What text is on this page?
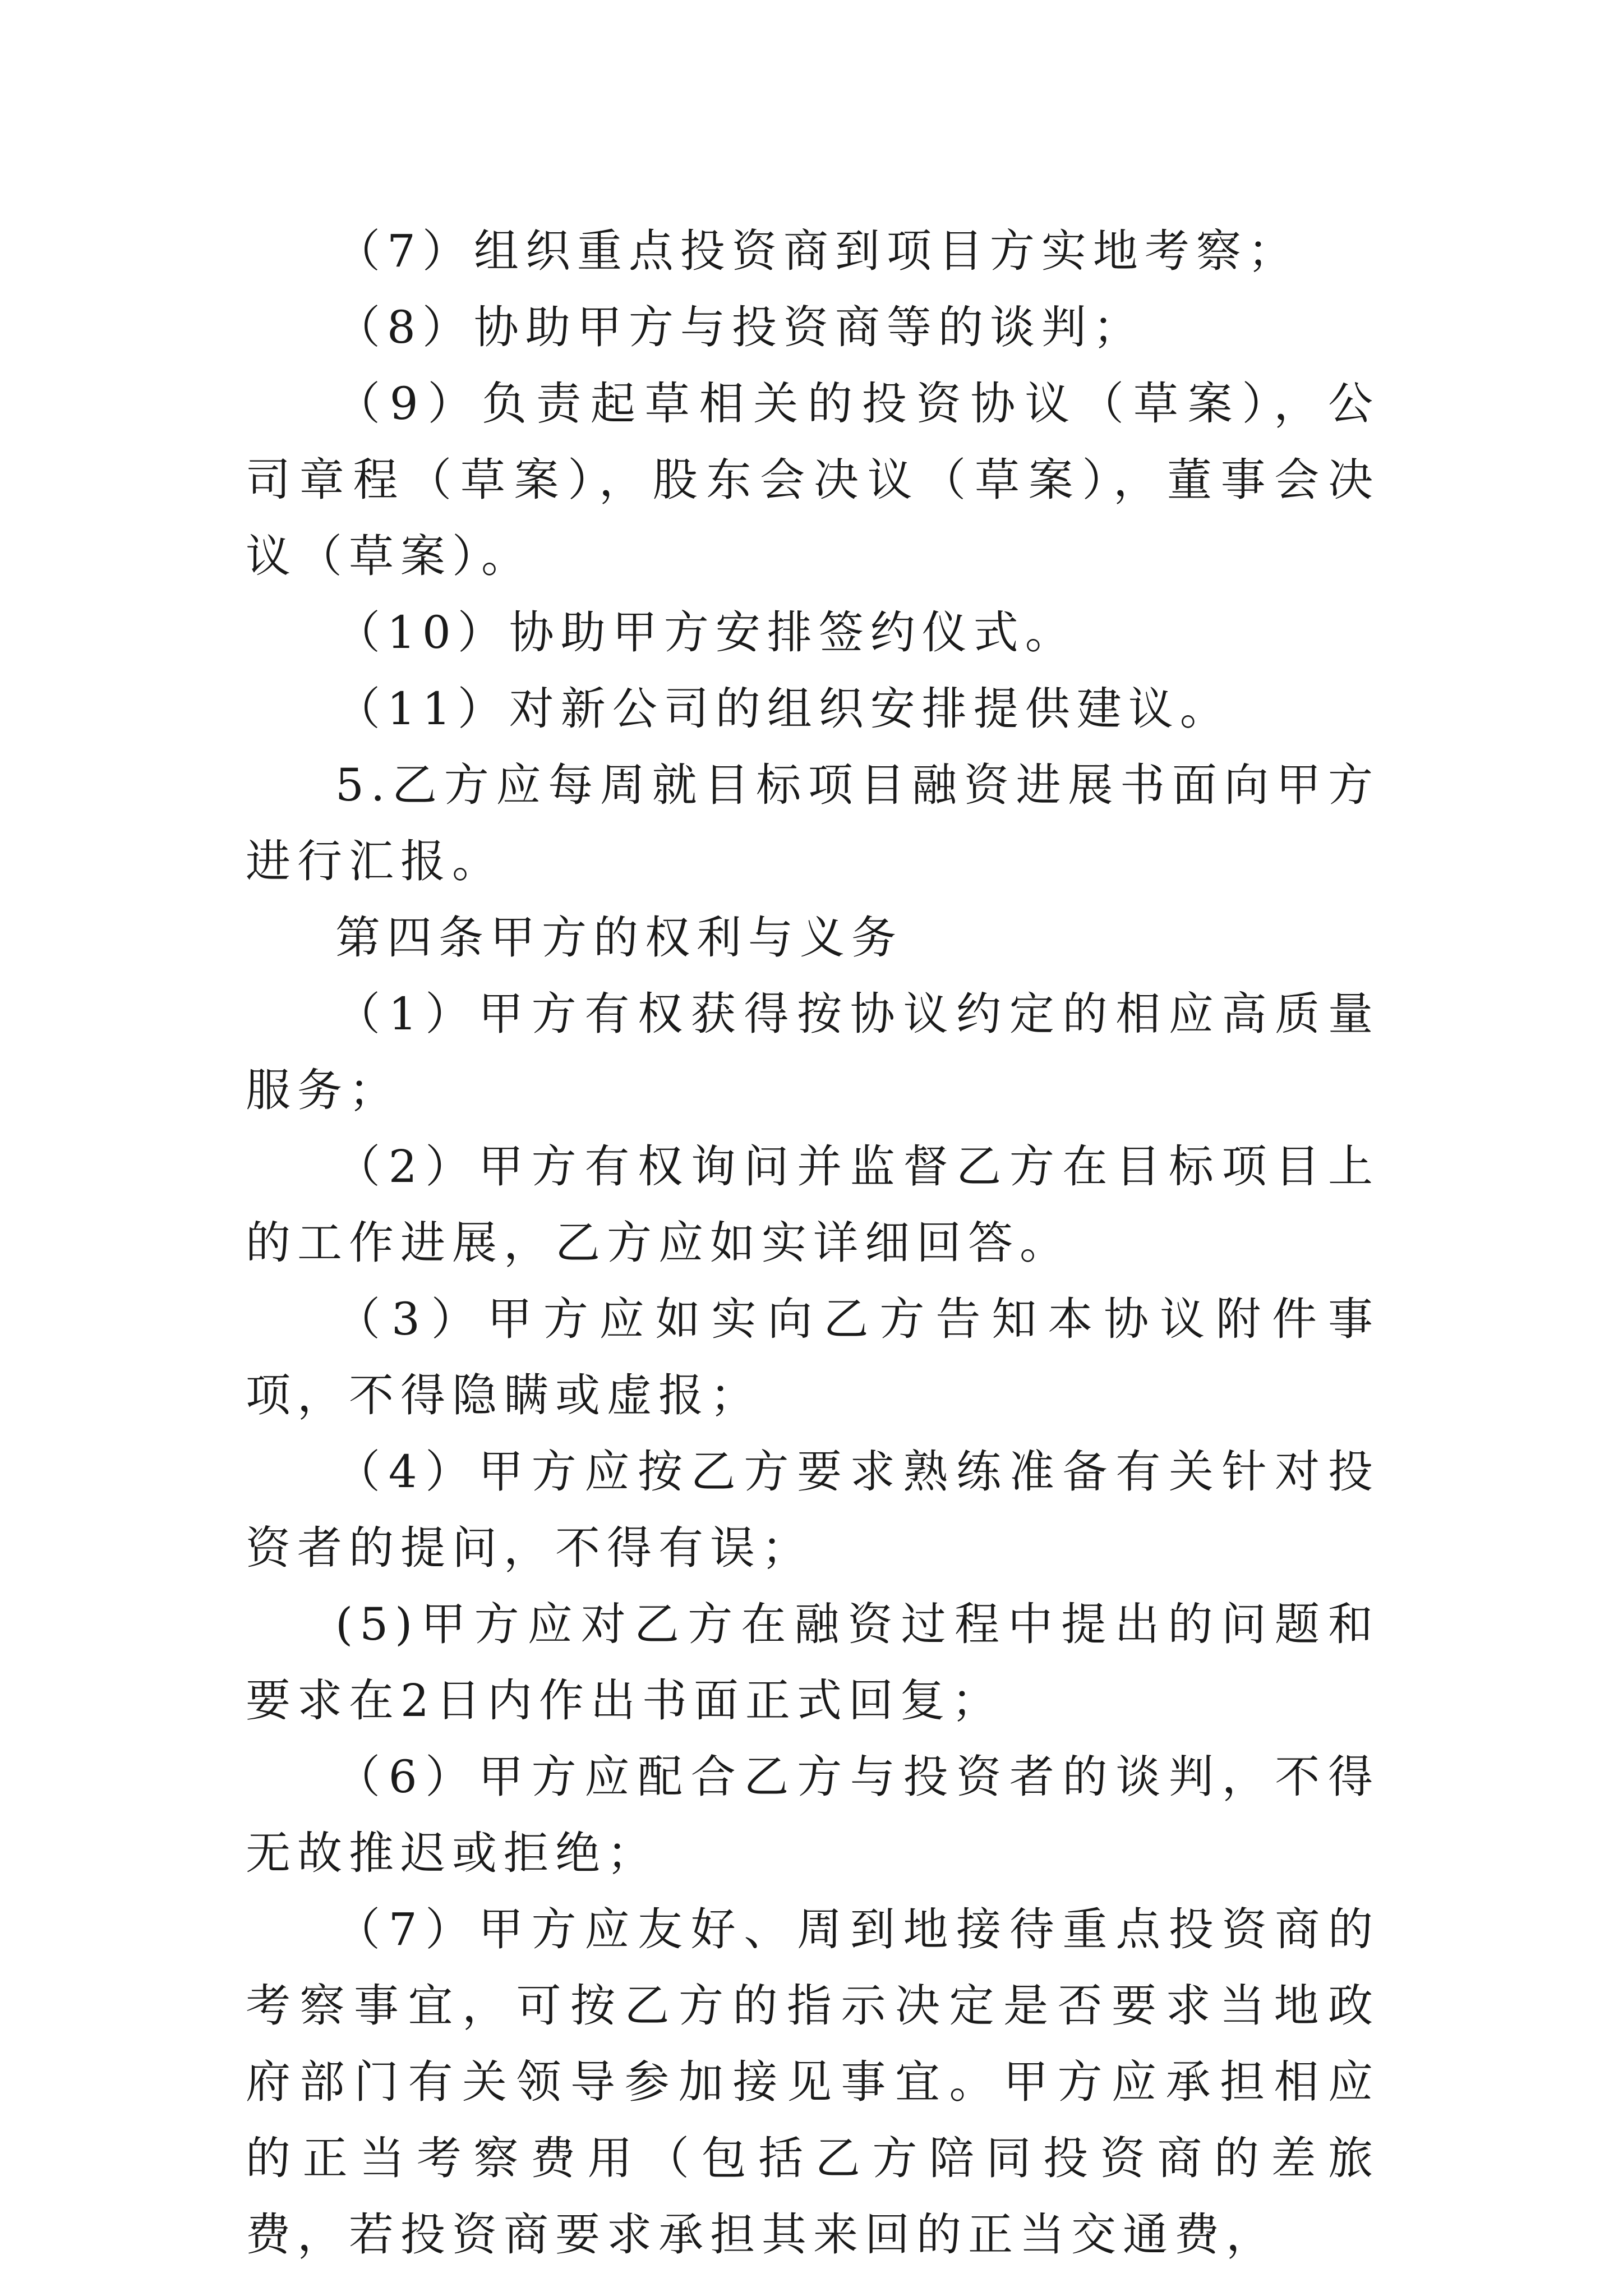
（7）组织重点投资商到项目方实地考察；

（8）协助甲方与投资商等的谈判；

（9）负责起草相关的投资协议（草案），公司章程（草案），股东会决议（草案），董事会决议（草案）。

（10）协助甲方安排签约仪式。

（11）对新公司的组织安排提供建议。

5.乙方应每周就目标项目融资进展书面向甲方进行汇报。

第四条甲方的权利与义务

（1）甲方有权获得按协议约定的相应高质量服务；

（2）甲方有权询问并监督乙方在目标项目上的工作进展，乙方应如实详细回答。

（3）甲方应如实向乙方告知本协议附件事项，不得隐瞒或虚报；

（4）甲方应按乙方要求熟练准备有关针对投资者的提问，不得有误；

(5)甲方应对乙方在融资过程中提出的问题和要求在2日内作出书面正式回复；

（6）甲方应配合乙方与投资者的谈判，不得无故推迟或拒绝；

（7）甲方应友好、周到地接待重点投资商的考察事宜，可按乙方的指示决定是否要求当地政府部门有关领导参加接见事宜。甲方应承担相应的正当考察费用（包括乙方陪同投资商的差旅费，若投资商要求承担其来回的正当交通费，
